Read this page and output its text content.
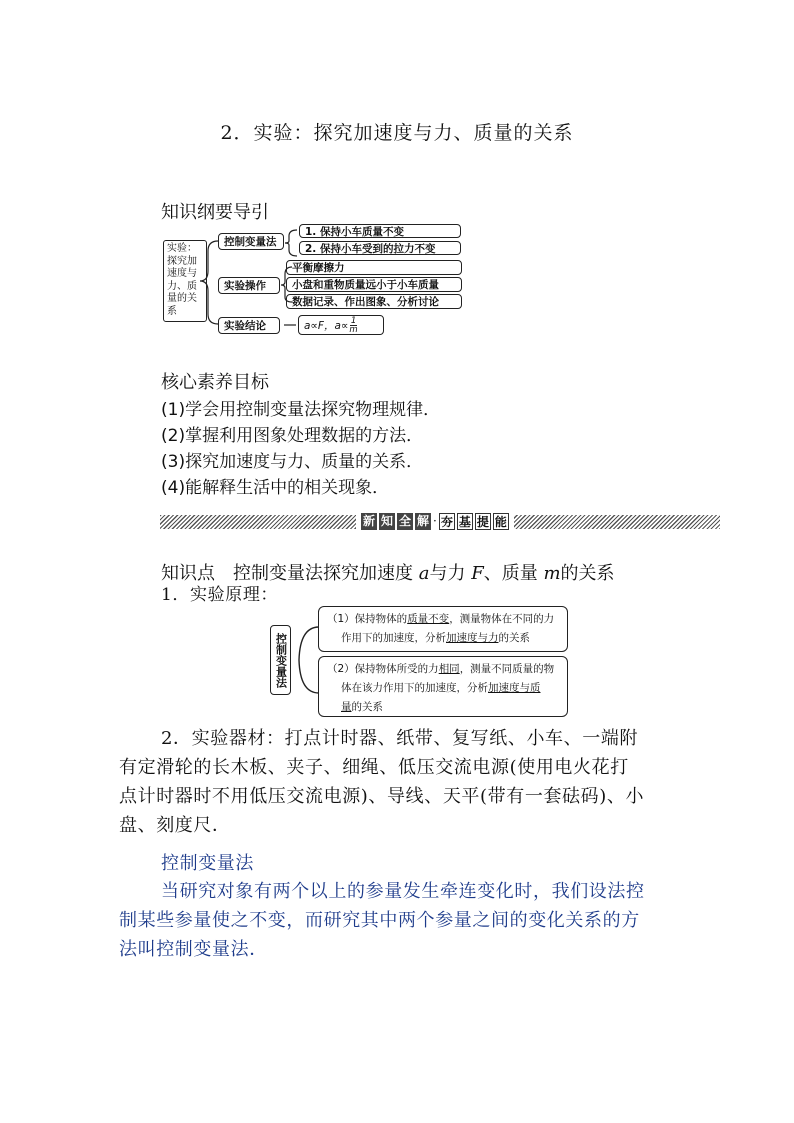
2．实验：探究加速度与力、质量的关系
知识纲要导引
实验：
探究加
速度与
力、质
量的关
系
控制变量法
1. 保持小车质量不变
2. 保持小车受到的拉力不变
实验操作
平衡摩擦力
小盘和重物质量远小于小车质量
数据记录、作出图象、分析讨论
实验结论	a∝F，$a\propto \frac{1}{m}$
核心素养目标
(1)学会用控制变量法探究物理规律．
(2)掌握利用图象处理数据的方法．
(3)探究加速度与力、质量的关系．
(4)能解释生活中的相关现象．
新 知 全 解 · 夯 基 提 能
知识点　控制变量法探究加速度 a与力 F、质量 m的关系
1．实验原理：
控制变量法
（1）保持物体的质量不变，测量物体在不同的力
作用下的加速度，分析加速度与力的关系
（2）保持物体所受的力相同，测量不同质量的物
体在该力作用下的加速度，分析加速度与质
量的关系
2．实验器材：打点计时器、纸带、复写纸、小车、一端附
有定滑轮的长木板、夹子、细绳、低压交流电源(使用电火花打
点计时器时不用低压交流电源)、导线、天平(带有一套砝码)、小
盘、刻度尺．
控制变量法
当研究对象有两个以上的参量发生牵连变化时，我们设法控
制某些参量使之不变，而研究其中两个参量之间的变化关系的方
法叫控制变量法．
